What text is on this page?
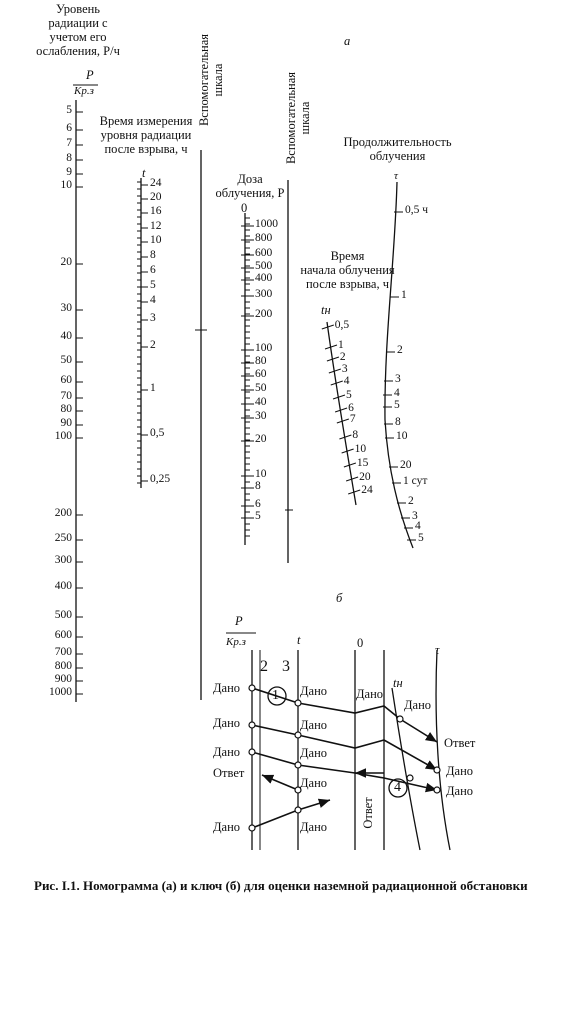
Уровень
радиации с
учетом его
ослабления, Р/ч
Время измерения
уровня радиации
после взрыва, ч
Доза
облучения, Р
Время
начала облучения
после взрыва, ч
Продолжительность
облучения
Вспомогательная
шкала	Вспомогательная
шкала
а
б
P
Kр.з
t
0
tн
τ
P
Kр.з	t	0
tн
τ
2 3
1
4
Дано	Дано Дано
Дано
Дано	Дано
Дано	Дано
Ответ
Дано
Дано	Дано
Ответ
Дано
Дано
Ответ
5
6
7
8
9
10
20
30
40
50
60
70
80
90
100
200
250
300
400
500
600
700
800
900
1000
24
20
16
12
10
8
6
5
4
3
2
1
0,5
0,25
1000
800
600
500
400
300
200
100
80
60
50
40
30
20
10
8
6
5
0,5
1
2
3
4
5
6
7
8
10
15
20
24
0,5 ч
1
2
3
4
5
8
10
20
1 сут
2
3
4
5
Рис. I.1. Номограмма (а) и ключ (б) для оценки наземной радиационной обстановки
